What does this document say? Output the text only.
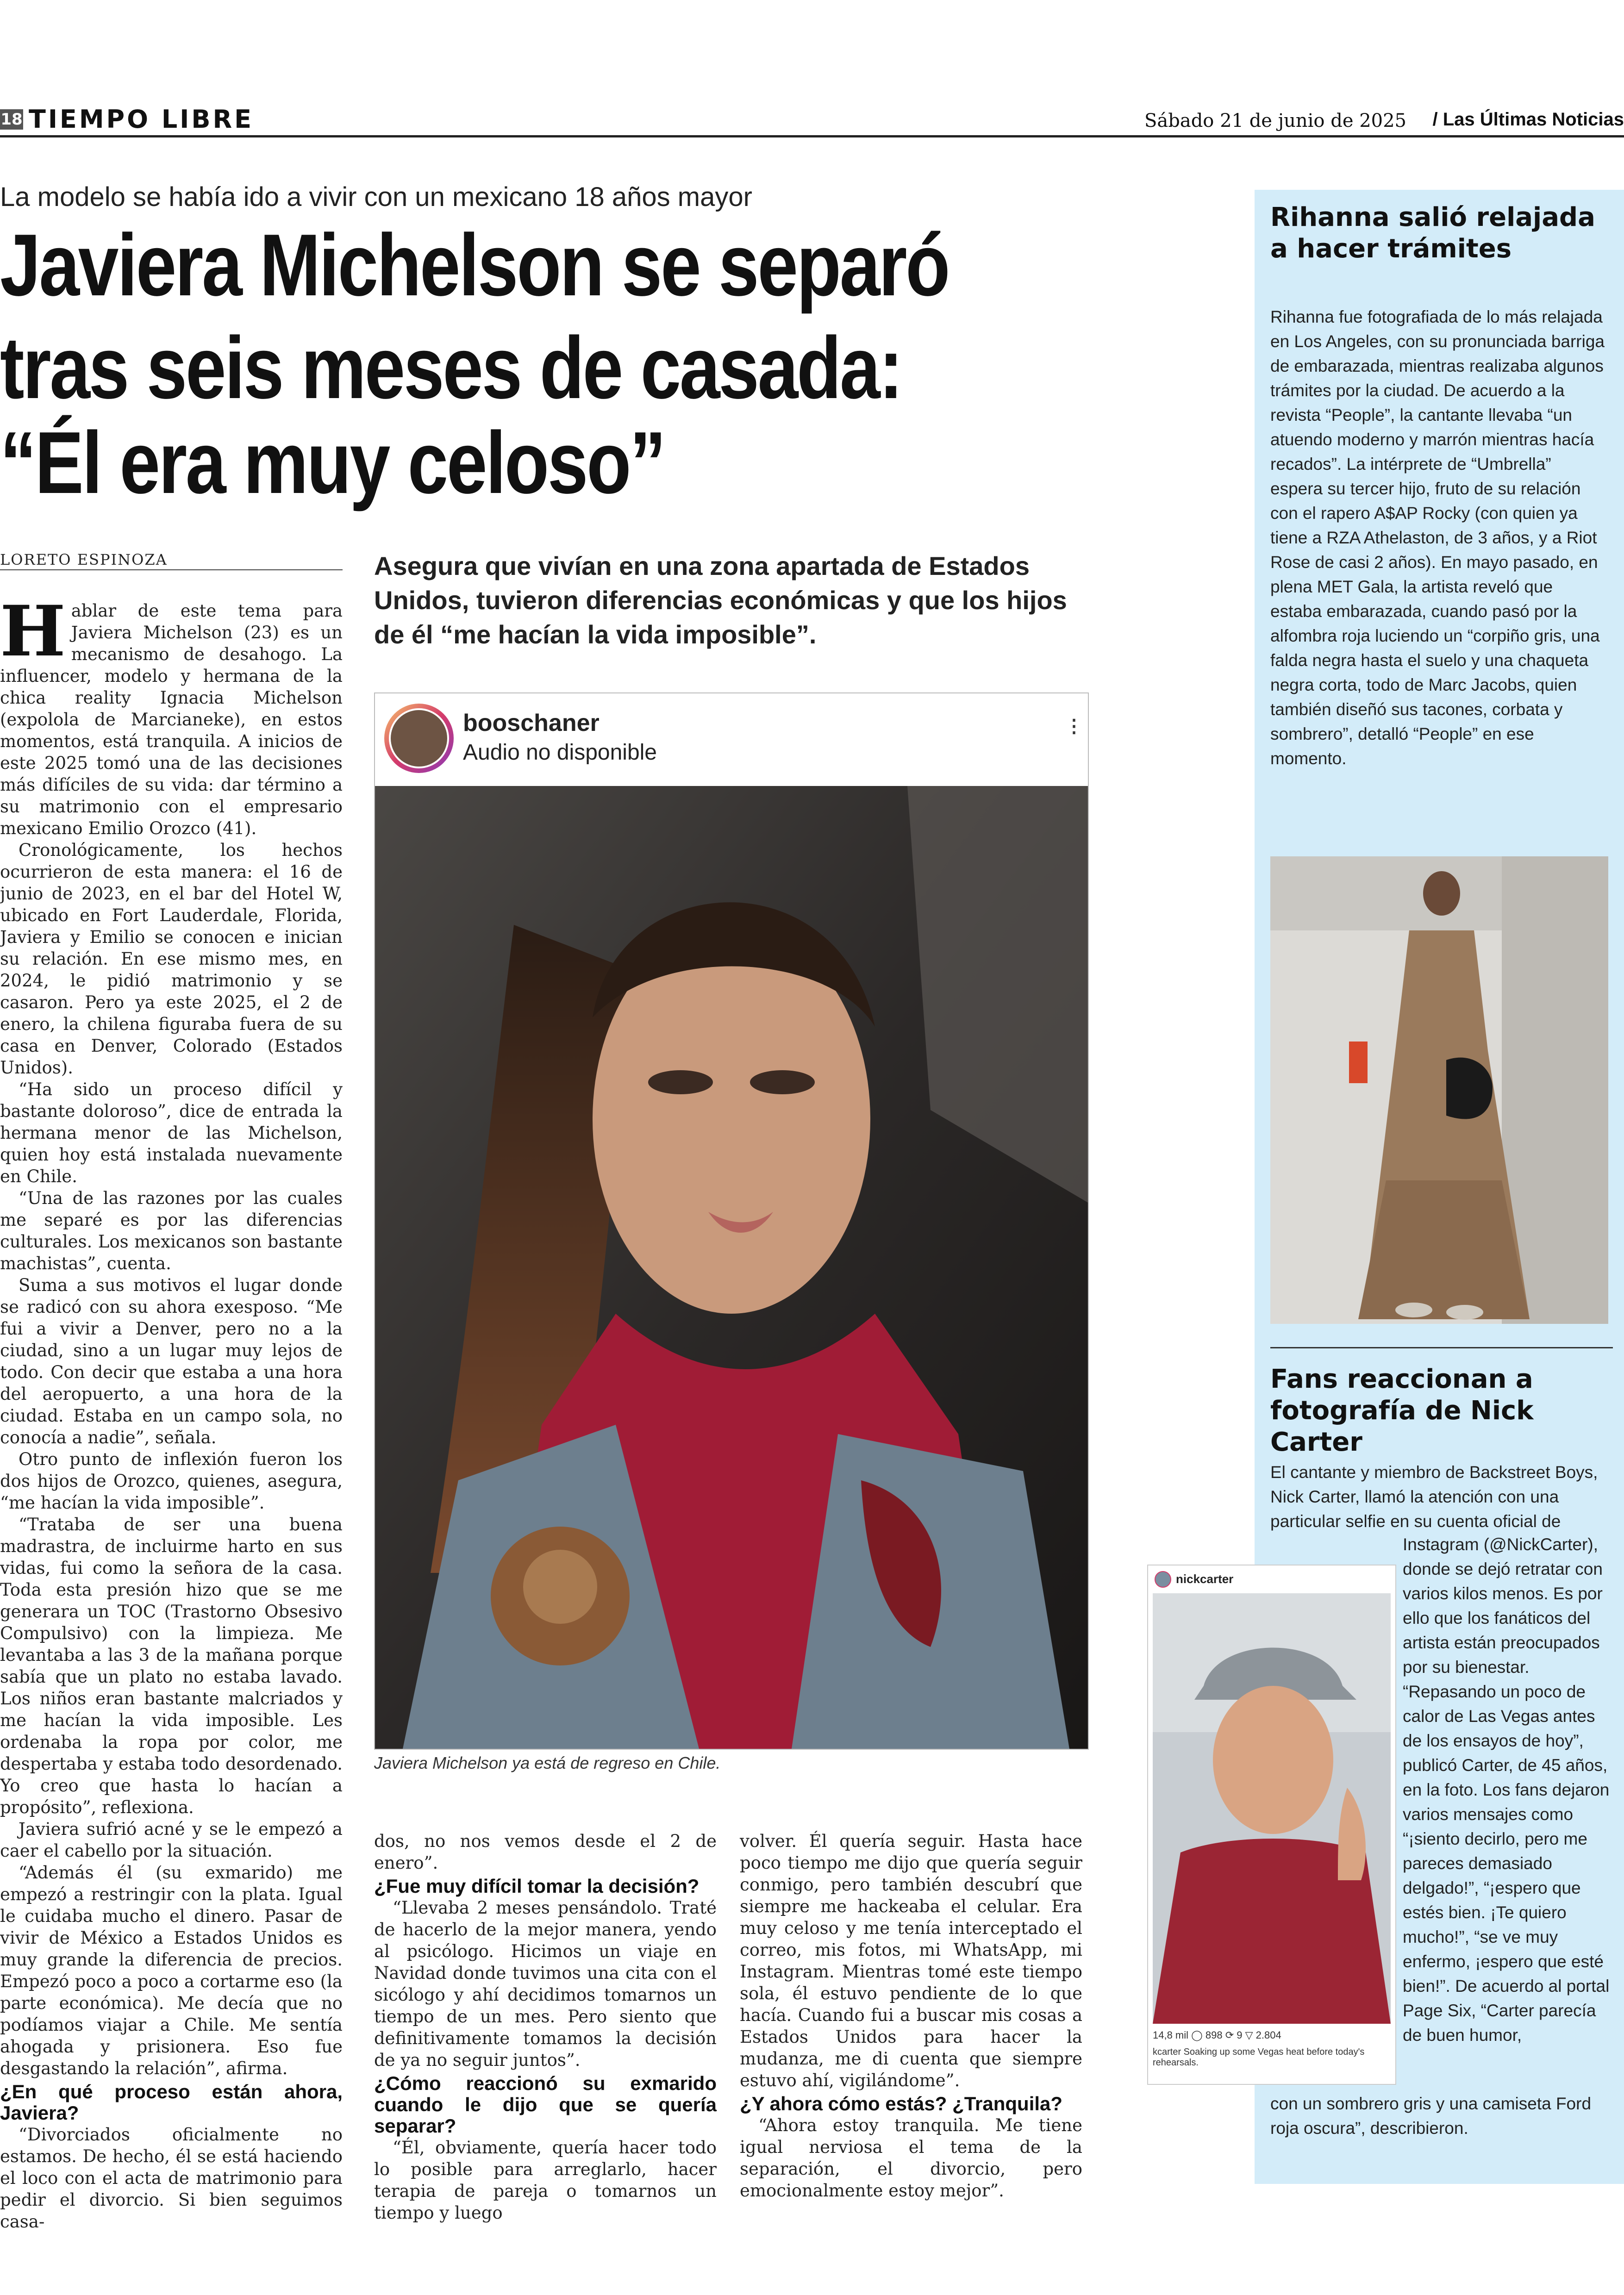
18 TIEMPO LIBRE	Sábado 21 de junio de 2025 / Las Últimas Noticias
La modelo se había ido a vivir con un mexicano 18 años mayor
Javiera Michelson se separó
tras seis meses de casada:
“Él era muy celoso”
LORETO ESPINOZA	Asegura que vivían en una zona apartada de Estados Unidos, tuvieron diferencias económicas y que los hijos de él “me hacían la vida imposible”.

Hablar de este tema para Javiera Michelson (23) es un mecanismo de desahogo. La influencer, modelo y hermana de la chica reality Ignacia Michelson (expolola de Marcianeke), en estos momentos, está tranquila. A inicios de este 2025 tomó una de las decisiones más difíciles de su vida: dar término a su matrimonio con el empresario mexicano Emilio Orozco (41).

Cronológicamente, los hechos ocurrieron de esta manera: el 16 de junio de 2023, en el bar del Hotel W, ubicado en Fort Lauderdale, Florida, Javiera y Emilio se conocen e inician su relación. En ese mismo mes, en 2024, le pidió matrimonio y se casaron. Pero ya este 2025, el 2 de enero, la chilena figuraba fuera de su casa en Denver, Colorado (Estados Unidos).

“Ha sido un proceso difícil y bastante doloroso”, dice de entrada la hermana menor de las Michelson, quien hoy está instalada nuevamente en Chile.

“Una de las razones por las cuales me separé es por las diferencias culturales. Los mexicanos son bastante machistas”, cuenta.

Suma a sus motivos el lugar donde se radicó con su ahora exesposo. “Me fui a vivir a Denver, pero no a la ciudad, sino a un lugar muy lejos de todo. Con decir que estaba a una hora del aeropuerto, a una hora de la ciudad. Estaba en un campo sola, no conocía a nadie”, señala.

Otro punto de inflexión fueron los dos hijos de Orozco, quienes, asegura, “me hacían la vida imposible”.

“Trataba de ser una buena madrastra, de incluirme harto en sus vidas, fui como la señora de la casa. Toda esta presión hizo que se me generara un TOC (Trastorno Obsesivo Compulsivo) con la limpieza. Me levantaba a las 3 de la mañana porque sabía que un plato no estaba lavado. Los niños eran bastante malcriados y me hacían la vida imposible. Les ordenaba la ropa por color, me despertaba y estaba todo desordenado. Yo creo que hasta lo hacían a propósito”, reflexiona.

Javiera sufrió acné y se le empezó a caer el cabello por la situación.

“Además él (su exmarido) me empezó a restringir con la plata. Igual le cuidaba mucho el dinero. Pasar de vivir de México a Estados Unidos es muy grande la diferencia de precios. Empezó poco a poco a cortarme eso (la parte económica). Me decía que no podíamos viajar a Chile. Me sentía ahogada y prisionera. Eso fue desgastando la relación”, afirma.

¿En qué proceso están ahora, Javiera?

“Divorciados oficialmente no estamos. De hecho, él se está haciendo el loco con el acta de matrimonio para pedir el divorcio. Si bien seguimos casa-

booschaner
Audio no disponible
⋮
Javiera Michelson ya está de regreso en Chile.

dos, no nos vemos desde el 2 de enero”.

¿Fue muy difícil tomar la decisión?

“Llevaba 2 meses pensándolo. Traté de hacerlo de la mejor manera, yendo al psicólogo. Hicimos un viaje en Navidad donde tuvimos una cita con el sicólogo y ahí decidimos tomarnos un tiempo de un mes. Pero siento que definitivamente tomamos la decisión de ya no seguir juntos”.

¿Cómo reaccionó su exmarido cuando le dijo que se quería separar?

“Él, obviamente, quería hacer todo lo posible para arreglarlo, hacer terapia de pareja o tomarnos un tiempo y luego

volver. Él quería seguir. Hasta hace poco tiempo me dijo que quería seguir conmigo, pero también descubrí que siempre me hackeaba el celular. Era muy celoso y me tenía interceptado el correo, mis fotos, mi WhatsApp, mi Instagram. Mientras tomé este tiempo sola, él estuvo pendiente de lo que hacía. Cuando fui a buscar mis cosas a Estados Unidos para hacer la mudanza, me di cuenta que siempre estuvo ahí, vigilándome”.

¿Y ahora cómo estás? ¿Tranquila?

“Ahora estoy tranquila. Me tiene igual nerviosa el tema de la separación, el divorcio, pero emocionalmente estoy mejor”.

Rihanna salió relajada a hacer trámites
Rihanna fue fotografiada de lo más relajada en Los Angeles, con su pronunciada barriga de embarazada, mientras realizaba algunos trámites por la ciudad. De acuerdo a la revista “People”, la cantante llevaba “un atuendo moderno y marrón mientras hacía recados”. La intérprete de “Umbrella” espera su tercer hijo, fruto de su relación con el rapero A$AP Rocky (con quien ya tiene a RZA Athelaston, de 3 años, y a Riot Rose de casi 2 años). En mayo pasado, en plena MET Gala, la artista reveló que estaba embarazada, cuando pasó por la alfombra roja luciendo un “corpiño gris, una falda negra hasta el suelo y una chaqueta negra corta, todo de Marc Jacobs, quien también diseñó sus tacones, corbata y sombrero”, detalló “People” en ese momento.
Fans reaccionan a fotografía de Nick Carter
El cantante y miembro de Backstreet Boys, Nick Carter, llamó la atención con una particular selfie en su cuenta oficial de
Instagram (@NickCarter), donde se dejó retratar con varios kilos menos. Es por ello que los fanáticos del artista están preocupados por su bienestar. “Repasando un poco de calor de Las Vegas antes de los ensayos de hoy”, publicó Carter, de 45 años, en la foto. Los fans dejaron varios mensajes como “¡siento decirlo, pero me pareces demasiado delgado!”, “¡espero que estés bien. ¡Te quiero mucho!”, “se ve muy enfermo, ¡espero que esté bien!”. De acuerdo al portal Page Six, “Carter parecía de buen humor,
con un sombrero gris y una camiseta Ford roja oscura”, describieron.
nickcarter
14,8 mil ◯ 898 ⟳ 9 ▽ 2.804
kcarter Soaking up some Vegas heat before today's rehearsals.
